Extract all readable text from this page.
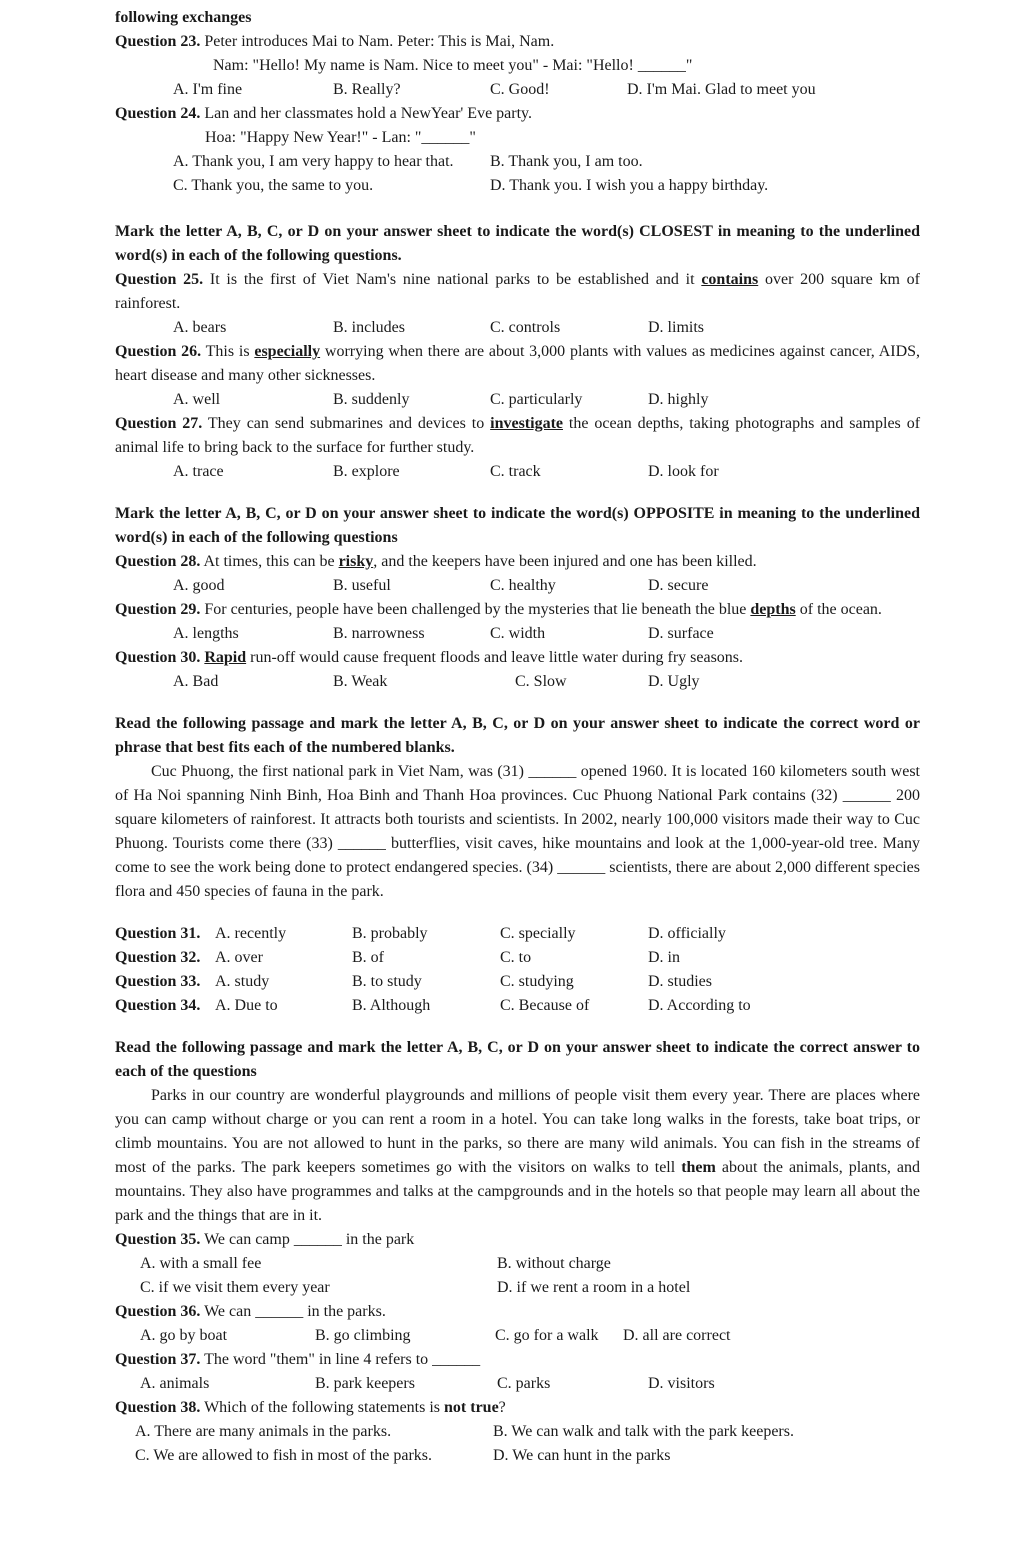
following exchanges
Question 23. Peter introduces Mai to Nam. Peter: This is Mai, Nam.
Nam: "Hello! My name is Nam. Nice to meet you" - Mai: "Hello! ______"
A. I'm fine	B. Really?	C. Good!	D. I'm Mai. Glad to meet you
Question 24. Lan and her classmates hold a NewYear' Eve party.
Hoa: "Happy New Year!" - Lan: "______"
A. Thank you, I am very happy to hear that. B. Thank you, I am too.
C. Thank you, the same to you.	D. Thank you. I wish you a happy birthday.
Mark the letter A, B, C, or D on your answer sheet to indicate the word(s) CLOSEST in meaning to the underlined word(s) in each of the following questions.
Question 25. It is the first of Viet Nam's nine national parks to be established and it contains over 200 square km of rainforest.
A. bears	B. includes	C. controls	D. limits
Question 26. This is especially worrying when there are about 3,000 plants with values as medicines against cancer, AIDS, heart disease and many other sicknesses.
A. well	B. suddenly	C. particularly	D. highly
Question 27. They can send submarines and devices to investigate the ocean depths, taking photographs and samples of animal life to bring back to the surface for further study.
A. trace	B. explore	C. track	D. look for
Mark the letter A, B, C, or D on your answer sheet to indicate the word(s) OPPOSITE in meaning to the underlined word(s) in each of the following questions
Question 28. At times, this can be risky, and the keepers have been injured and one has been killed.
A. good	B. useful	C. healthy	D. secure
Question 29. For centuries, people have been challenged by the mysteries that lie beneath the blue depths of the ocean.
A. lengths	B. narrowness	C. width	D. surface
Question 30. Rapid run-off would cause frequent floods and leave little water during fry seasons.
A. Bad	B. Weak	C. Slow	D. Ugly
Read the following passage and mark the letter A, B, C, or D on your answer sheet to indicate the correct word or phrase that best fits each of the numbered blanks.
Cuc Phuong, the first national park in Viet Nam, was (31) ______ opened 1960. It is located 160 kilometers south west of Ha Noi spanning Ninh Binh, Hoa Binh and Thanh Hoa provinces. Cuc Phuong National Park contains (32) ______ 200 square kilometers of rainforest. It attracts both tourists and scientists. In 2002, nearly 100,000 visitors made their way to Cuc Phuong. Tourists come there (33) ______ butterflies, visit caves, hike mountains and look at the 1,000-year-old tree. Many come to see the work being done to protect endangered species. (34) ______ scientists, there are about 2,000 different species flora and 450 species of fauna in the park.
Question 31. A. recently	B. probably	C. specially	D. officially
Question 32. A. over	B. of	C. to	D. in
Question 33. A. study	B. to study	C. studying	D. studies
Question 34. A. Due to	B. Although	C. Because of	D. According to
Read the following passage and mark the letter A, B, C, or D on your answer sheet to indicate the correct answer to each of the questions
Parks in our country are wonderful playgrounds and millions of people visit them every year. There are places where you can camp without charge or you can rent a room in a hotel. You can take long walks in the forests, take boat trips, or climb mountains. You are not allowed to hunt in the parks, so there are many wild animals. You can fish in the streams of most of the parks. The park keepers sometimes go with the visitors on walks to tell them about the animals, plants, and mountains. They also have programmes and talks at the campgrounds and in the hotels so that people may learn all about the park and the things that are in it.
Question 35. We can camp ______ in the park
A. with a small fee	B. without charge
C. if we visit them every year	D. if we rent a room in a hotel
Question 36. We can ______ in the parks.
A. go by boat	B. go climbing	C. go for a walk D. all are correct
Question 37. The word "them" in line 4 refers to ______
A. animals	B. park keepers	C. parks	D. visitors
Question 38. Which of the following statements is not true?
A. There are many animals in the parks.	B. We can walk and talk with the park keepers.
C. We are allowed to fish in most of the parks.	D. We can hunt in the parks
